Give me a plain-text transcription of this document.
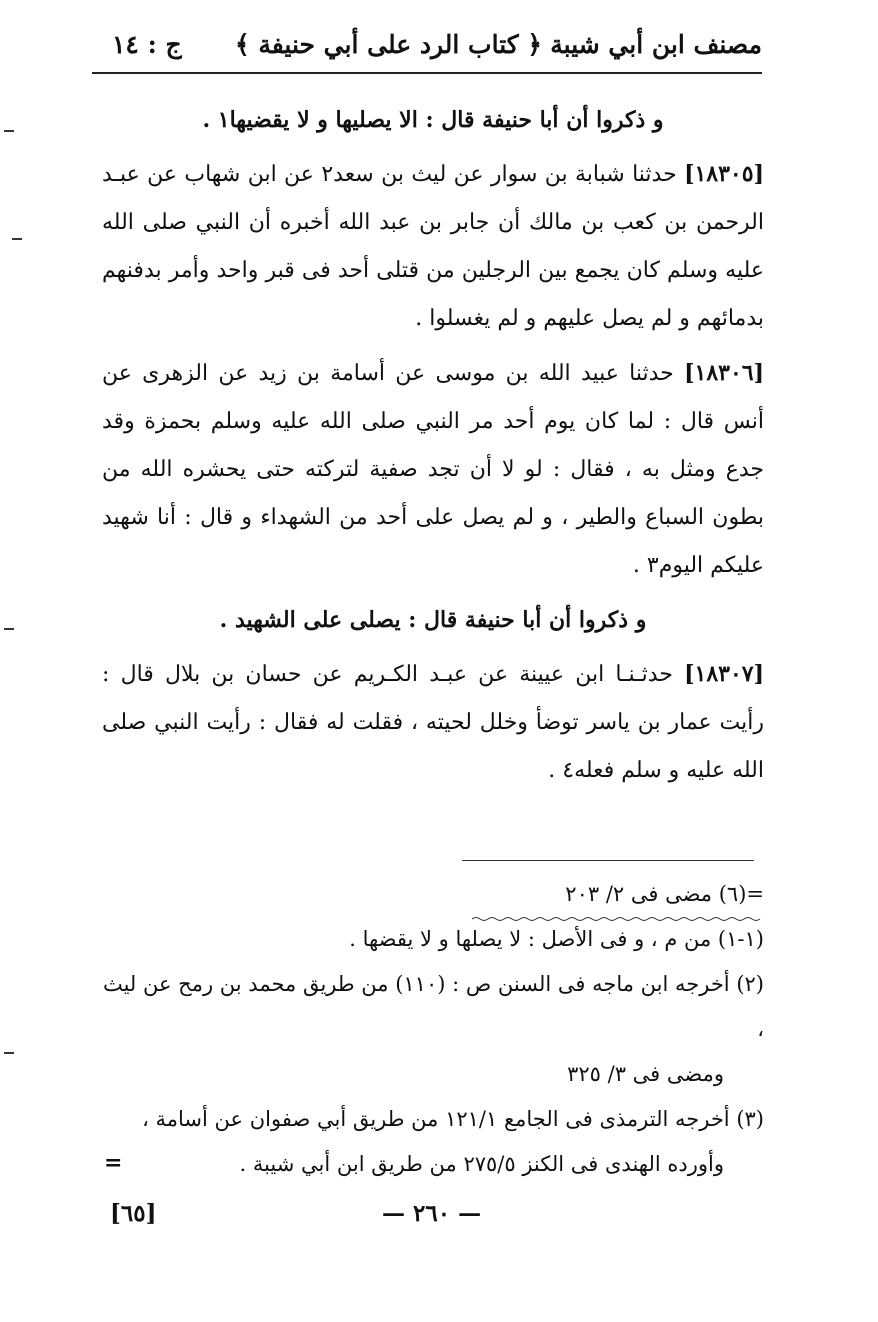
مصنف ابن أبي شيبة
﴿ كتاب الرد على أبي حنيفة ﴾
ج : ١٤

و ذكروا أن أبا حنيفة قال : الا يصليها و لا يقضيها١ .

[١٨٣٠٥] حدثنا شبابة بن سوار عن ليث بن سعد٢ عن ابن شهاب عن عبـد الرحمن بن كعب بن مالك أن جابر بن عبد الله أخبره أن النبي صلى الله عليه وسلم كان يجمع بين الرجلين من قتلى أحد فى قبر واحد وأمر بدفنهم بدمائهم و لم يصل عليهم و لم يغسلوا .

[١٨٣٠٦] حدثنا عبيد الله بن موسى عن أسامة بن زيد عن الزهرى عن أنس قال : لما كان يوم أحد مر النبي صلى الله عليه وسلم بحمزة وقد جدع ومثل به ، فقال : لو لا أن تجد صفية لتركته حتى يحشره الله من بطون السباع والطير ، و لم يصل على أحد من الشهداء و قال : أنا شهيد عليكم اليوم٣ .

و ذكروا أن أبا حنيفة قال : يصلى على الشهيد .

[١٨٣٠٧] حدثـنـا ابن عيينة عن عبـد الكـريم عن حسان بن بلال قال : رأيت عمار بن ياسر توضأ وخلل لحيته ، فقلت له فقال : رأيت النبي صلى الله عليه و سلم فعله٤ .

=(٦) مضى فى ٢/ ٢٠٣

(١-١) من م ، و فى الأصل : لا يصلها و لا يقضها .

(٢) أخرجه ابن ماجه فى السنن ص : (١١٠) من طريق محمد بن رمح عن ليث ،

ومضى فى ٣/ ٣٢٥

(٣) أخرجه الترمذى فى الجامع ١٢١/١ من طريق أبي صفوان عن أسامة ،

وأورده الهندى فى الكنز ٢٧٥/٥ من طريق ابن أبي شيبة .

=
[٦٥]	— ٢٦٠ —
